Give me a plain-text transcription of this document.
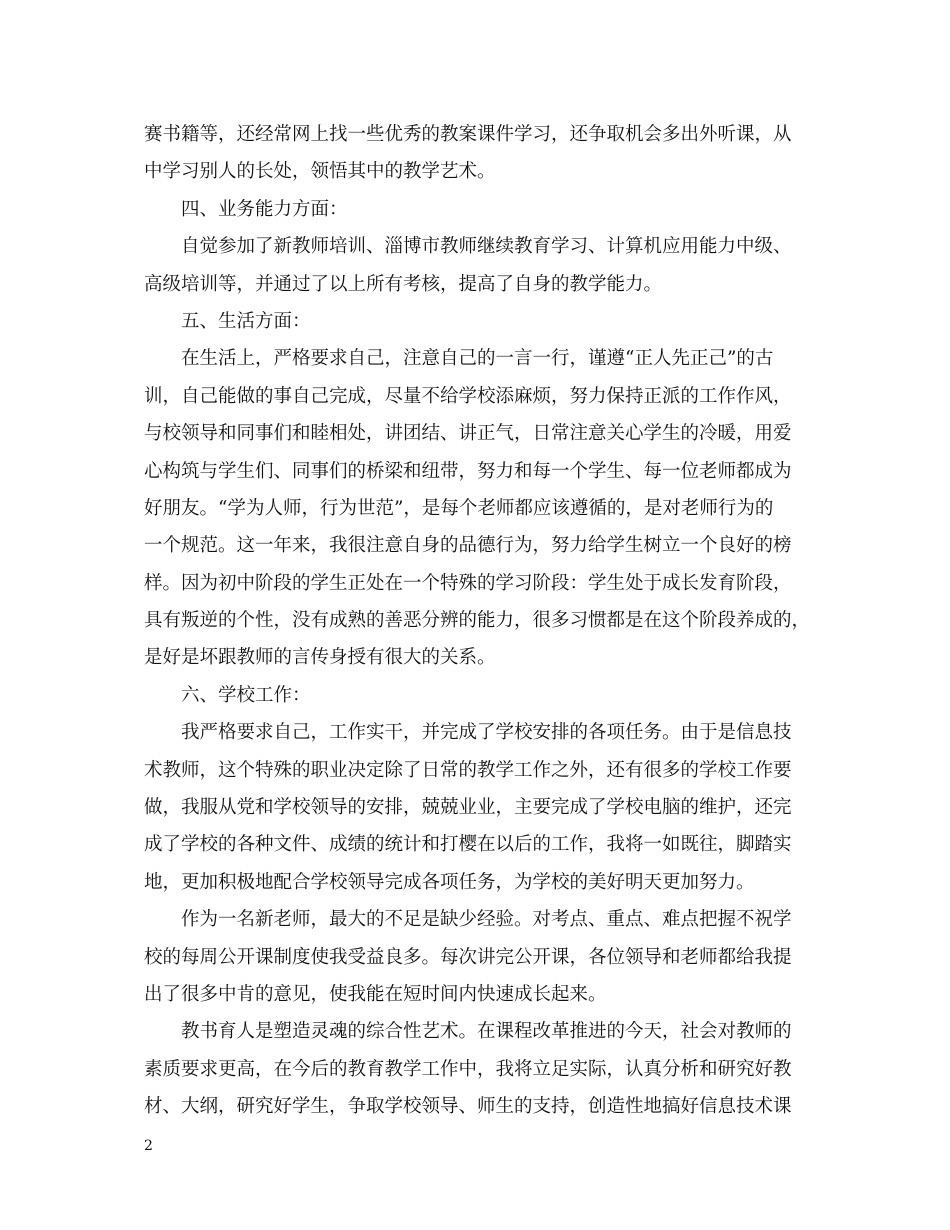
赛书籍等，还经常网上找一些优秀的教案课件学习，还争取机会多出外听课，从
中学习别人的长处，领悟其中的教学艺术。
四、业务能力方面：
自觉参加了新教师培训、淄博市教师继续教育学习、计算机应用能力中级、
高级培训等，并通过了以上所有考核，提高了自身的教学能力。
五、生活方面：
在生活上，严格要求自己，注意自己的一言一行，谨遵“正人先正己”的古
训，自己能做的事自己完成，尽量不给学校添麻烦，努力保持正派的工作作风，
与校领导和同事们和睦相处，讲团结、讲正气，日常注意关心学生的冷暖，用爱
心构筑与学生们、同事们的桥梁和纽带，努力和每一个学生、每一位老师都成为
好朋友。“学为人师，行为世范”，是每个老师都应该遵循的，是对老师行为的
一个规范。这一年来，我很注意自身的品德行为，努力给学生树立一个良好的榜
样。因为初中阶段的学生正处在一个特殊的学习阶段：学生处于成长发育阶段，
具有叛逆的个性，没有成熟的善恶分辨的能力，很多习惯都是在这个阶段养成的，
是好是坏跟教师的言传身授有很大的关系。
六、学校工作：
我严格要求自己，工作实干，并完成了学校安排的各项任务。由于是信息技
术教师，这个特殊的职业决定除了日常的教学工作之外，还有很多的学校工作要
做，我服从党和学校领导的安排，兢兢业业，主要完成了学校电脑的维护，还完
成了学校的各种文件、成绩的统计和打樱在以后的工作，我将一如既往，脚踏实
地，更加积极地配合学校领导完成各项任务，为学校的美好明天更加努力。
作为一名新老师，最大的不足是缺少经验。对考点、重点、难点把握不祝学
校的每周公开课制度使我受益良多。每次讲完公开课，各位领导和老师都给我提
出了很多中肯的意见，使我能在短时间内快速成长起来。
教书育人是塑造灵魂的综合性艺术。在课程改革推进的今天，社会对教师的
素质要求更高，在今后的教育教学工作中，我将立足实际，认真分析和研究好教
材、大纲，研究好学生，争取学校领导、师生的支持，创造性地搞好信息技术课
2
